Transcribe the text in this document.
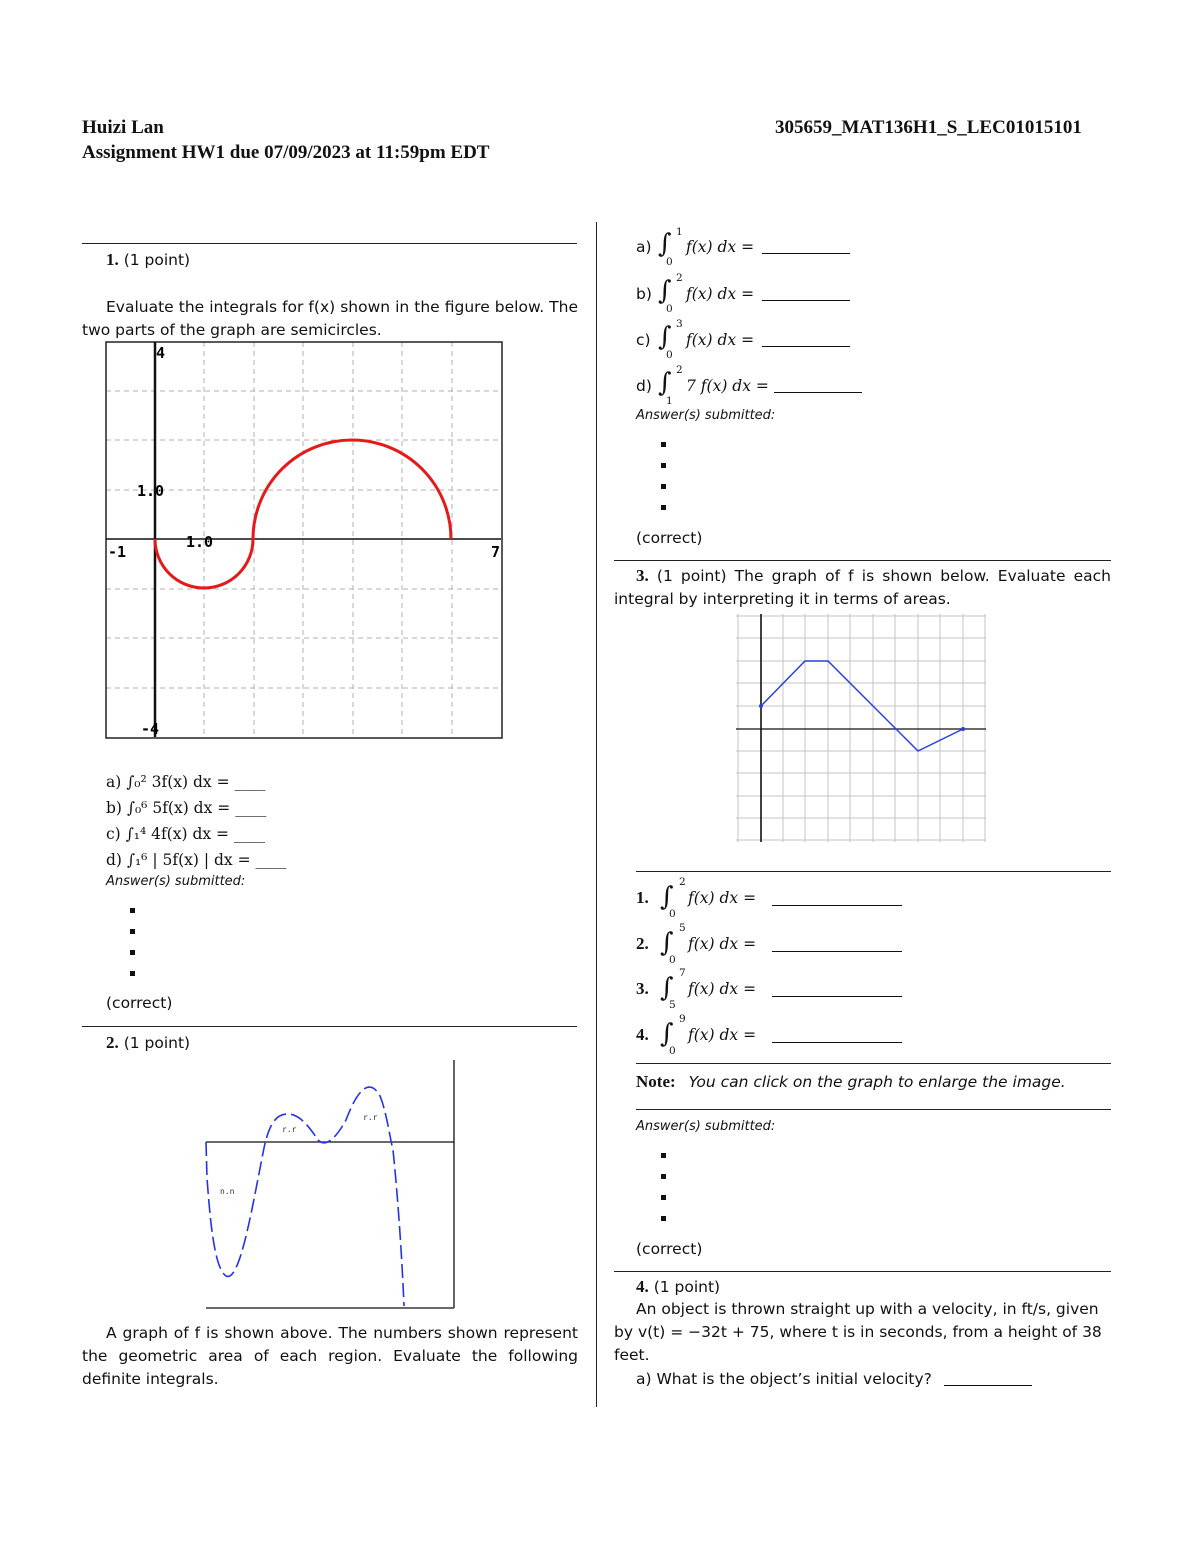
Huizi Lan
Assignment HW1 due 07/09/2023 at 11:59pm EDT
305659_MAT136H1_S_LEC01015101
1. (1 point)
Evaluate the integrals for f(x) shown in the figure below. The two parts of the graph are semicircles.
4
-4
-1	7
1.0
1.0
a) ∫₀² 3f(x) dx = ____
b) ∫₀⁶ 5f(x) dx = ____
c) ∫₁⁴ 4f(x) dx = ____
d) ∫₁⁶ | 5f(x) | dx = ____
Answer(s) submitted:
(correct)
2. (1 point)
n.n
r.r
r.r
A graph of f is shown above. The numbers shown represent the geometric area of each region. Evaluate the following definite integrals.
a) ∫ 1
0
f(x) dx =
b) ∫ 2
0
f(x) dx =
c) ∫ 3
0
f(x) dx =
d) ∫ 2
1
7 f(x) dx =
Answer(s) submitted:
(correct)
3. (1 point) The graph of f is shown below. Evaluate each integral by interpreting it in terms of areas.
1. ∫ 2
0
f(x) dx =
2. ∫ 5
0
f(x) dx =
3. ∫ 7
5
f(x) dx =
4. ∫ 9
0
f(x) dx =
Note: You can click on the graph to enlarge the image.
Answer(s) submitted:
(correct)
4. (1 point)
An object is thrown straight up with a velocity, in ft/s, given
by v(t) = −32t + 75, where t is in seconds, from a height of 38
feet.
a) What is the object’s initial velocity?
